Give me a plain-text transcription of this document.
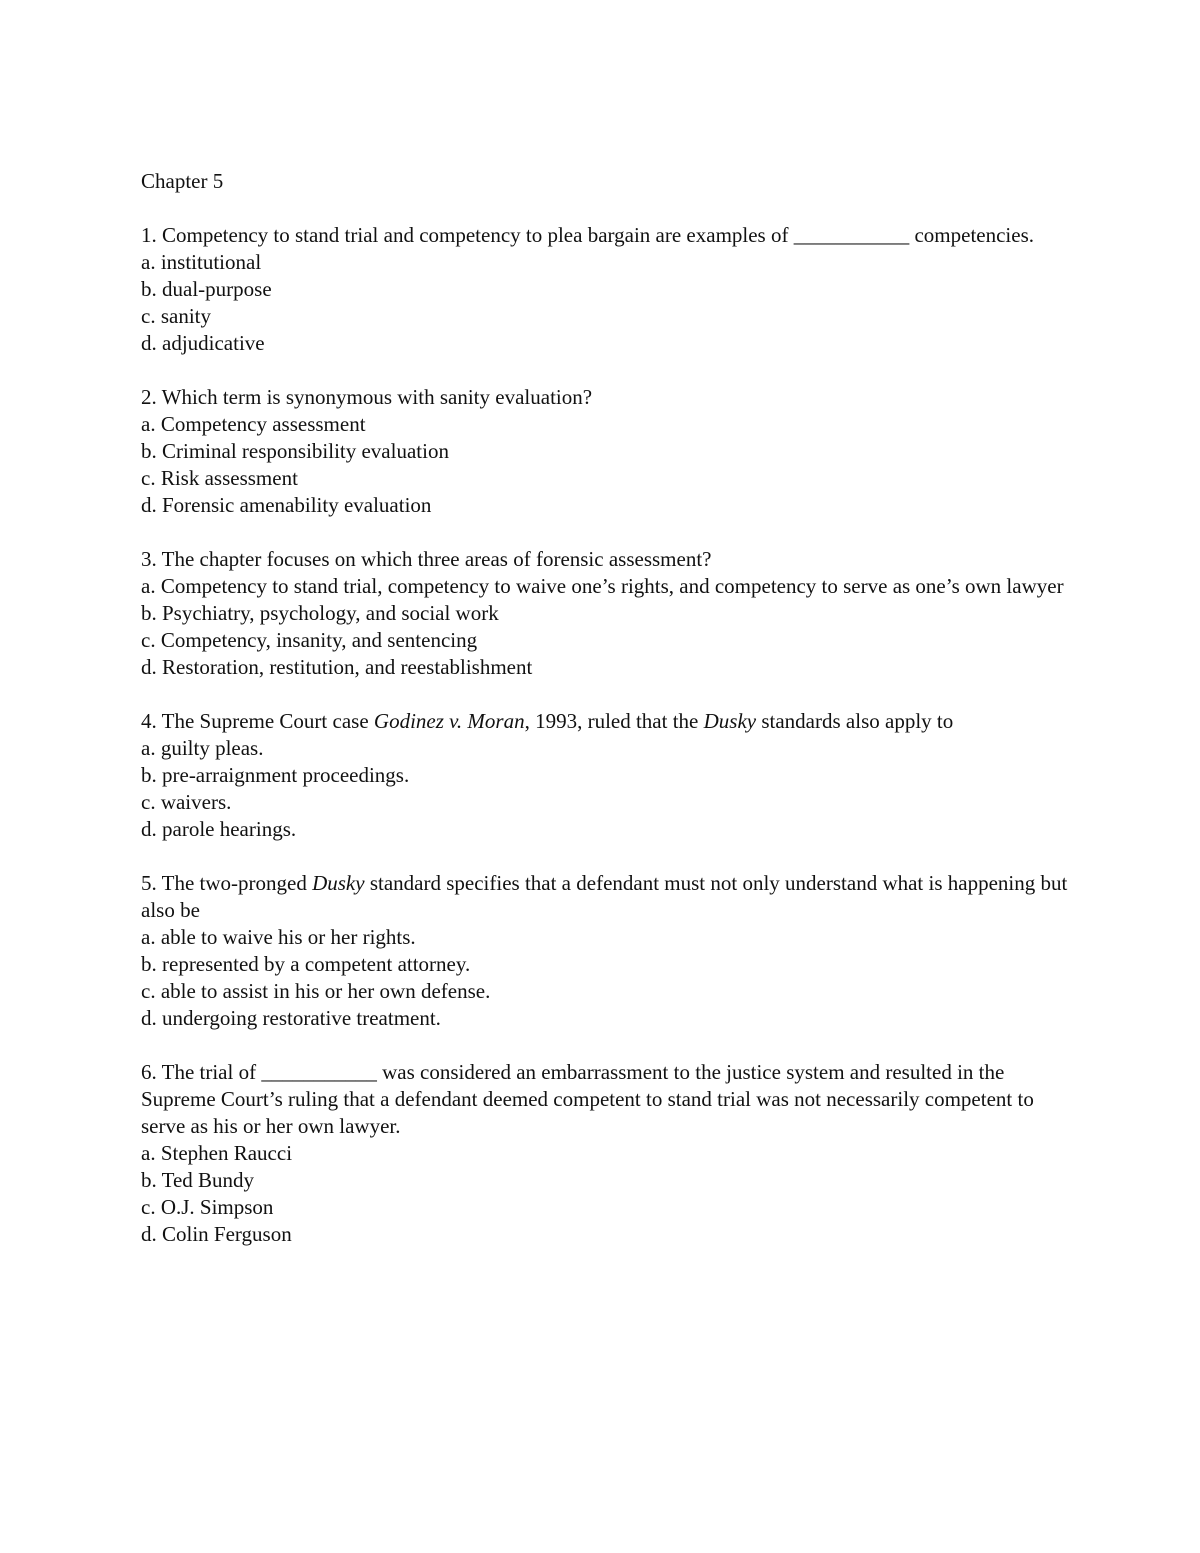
Chapter 5

1. Competency to stand trial and competency to plea bargain are examples of ___________ competencies.

a. institutional
b. dual-purpose
c. sanity
d. adjudicative

2. Which term is synonymous with sanity evaluation?

a. Competency assessment
b. Criminal responsibility evaluation
c. Risk assessment
d. Forensic amenability evaluation

3. The chapter focuses on which three areas of forensic assessment?

a. Competency to stand trial, competency to waive one’s rights, and competency to serve as one’s own lawyer
b. Psychiatry, psychology, and social work
c. Competency, insanity, and sentencing
d. Restoration, restitution, and reestablishment

4. The Supreme Court case Godinez v. Moran, 1993, ruled that the Dusky standards also apply to

a. guilty pleas.
b. pre-arraignment proceedings.
c. waivers.
d. parole hearings.

5. The two-pronged Dusky standard specifies that a defendant must not only understand what is happening but also be

a. able to waive his or her rights.
b. represented by a competent attorney.
c. able to assist in his or her own defense.
d. undergoing restorative treatment.

6. The trial of ___________ was considered an embarrassment to the justice system and resulted in the Supreme Court’s ruling that a defendant deemed competent to stand trial was not necessarily competent to serve as his or her own lawyer.

a. Stephen Raucci
b. Ted Bundy
c. O.J. Simpson
d. Colin Ferguson
